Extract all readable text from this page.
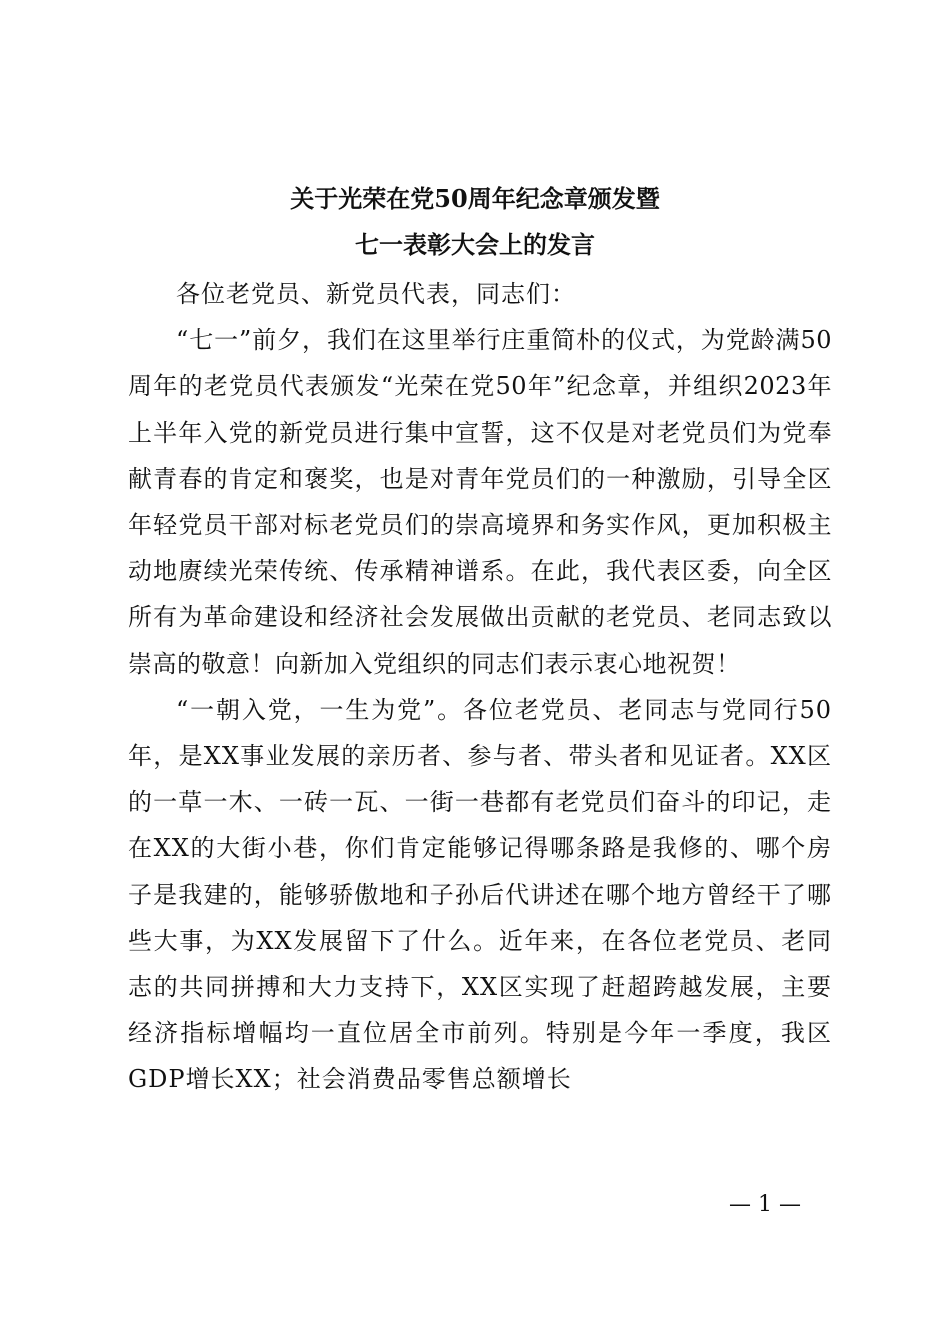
关于光荣在党50周年纪念章颁发暨
七一表彰大会上的发言

各位老党员、新党员代表，同志们：

“七一”前夕，我们在这里举行庄重简朴的仪式，为党龄满50周年的老党员代表颁发“光荣在党50年”纪念章，并组织2023年上半年入党的新党员进行集中宣誓，这不仅是对老党员们为党奉献青春的肯定和褒奖，也是对青年党员们的一种激励，引导全区年轻党员干部对标老党员们的崇高境界和务实作风，更加积极主动地赓续光荣传统、传承精神谱系。在此，我代表区委，向全区所有为革命建设和经济社会发展做出贡献的老党员、老同志致以崇高的敬意！向新加入党组织的同志们表示衷心地祝贺！

“一朝入党，一生为党”。各位老党员、老同志与党同行50年，是XX事业发展的亲历者、参与者、带头者和见证者。XX区的一草一木、一砖一瓦、一街一巷都有老党员们奋斗的印记，走在XX的大街小巷，你们肯定能够记得哪条路是我修的、哪个房子是我建的，能够骄傲地和子孙后代讲述在哪个地方曾经干了哪些大事，为XX发展留下了什么。近年来，在各位老党员、老同志的共同拼搏和大力支持下，XX区实现了赶超跨越发展，主要经济指标增幅均一直位居全市前列。特别是今年一季度，我区GDP增长XX；社会消费品零售总额增长

— 1 —
